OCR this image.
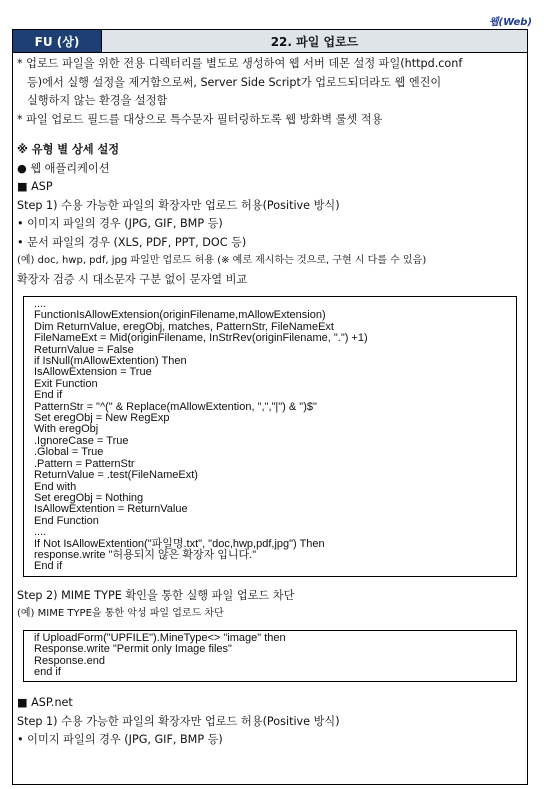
웹(Web)
FU (상)	22. 파일 업로드
* 업로드 파일을 위한 전용 디렉터리를 별도로 생성하여 웹 서버 데몬 설정 파일(httpd.conf
등)에서 실행 설정을 제거함으로써, Server Side Script가 업로드되더라도 웹 엔진이
실행하지 않는 환경을 설정함
* 파일 업로드 필드를 대상으로 특수문자 필터링하도록 웹 방화벽 룰셋 적용
※ 유형 별 상세 설정
● 웹 애플리케이션
■ ASP
Step 1) 수용 가능한 파일의 확장자만 업로드 허용(Positive 방식)
• 이미지 파일의 경우 (JPG, GIF, BMP 등)
• 문서 파일의 경우 (XLS, PDF, PPT, DOC 등)
(예) doc, hwp, pdf, jpg 파일만 업로드 허용 (※ 예로 제시하는 것으로, 구현 시 다를 수 있음)
확장자 검증 시 대소문자 구분 없이 문자열 비교
....
FunctionIsAllowExtension(originFilename,mAllowExtension)
Dim ReturnValue, eregObj, matches, PatternStr, FileNameExt
FileNameExt = Mid(originFilename, InStrRev(originFilename, ".") +1)
ReturnValue = False
if IsNull(mAllowExtention) Then
IsAllowExtension = True
Exit Function
End if
PatternStr = "^(" & Replace(mAllowExtention, ",","|") & ")$"
Set eregObj = New RegExp
With eregObj
.IgnoreCase = True
.Global = True
.Pattern = PatternStr
ReturnValue = .test(FileNameExt)
End with
Set eregObj = Nothing
IsAllowExtention = ReturnValue
End Function
....
If Not IsAllowExtention("파일명.txt", "doc,hwp,pdf,jpg") Then
response.write "허용되지 않은 확장자 입니다."
End if
Step 2) MIME TYPE 확인을 통한 실행 파일 업로드 차단
(예) MIME TYPE을 통한 악성 파일 업로드 차단
if UploadForm("UPFILE").MineType<> "image" then
Response.write "Permit only Image files"
Response.end
end if
■ ASP.net
Step 1) 수용 가능한 파일의 확장자만 업로드 허용(Positive 방식)
• 이미지 파일의 경우 (JPG, GIF, BMP 등)
